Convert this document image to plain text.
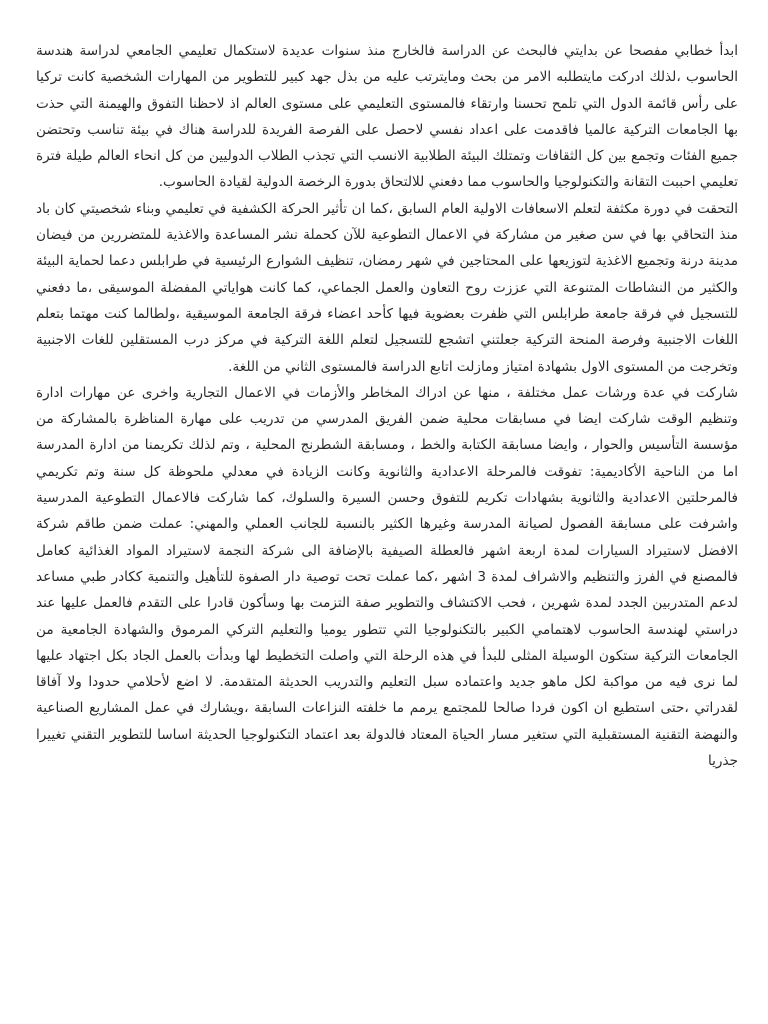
ابدأ خطابي مفصحا عن بدايتي فالبحث عن الدراسة فالخارج منذ سنوات عديدة لاستكمال تعليمي الجامعي لدراسة هندسة الحاسوب ،لذلك ادركت مايتطلبه الامر من بحث ومايترتب عليه من بذل جهد كبير للتطوير من المهارات الشخصية كانت تركيا على رأس قائمة الدول التي تلمح تحسنا وارتقاء فالمستوى التعليمي على مستوى العالم اذ لاحظنا التفوق والهيمنة التي حذت بها الجامعات التركية عالميا فاقدمت على اعداد نفسي لاحصل على الفرصة الفريدة للدراسة هناك في بيئة تناسب وتحتضن جميع الفئات وتجمع بين كل الثقافات وتمتلك البيئة الطلابية الانسب التي تجذب الطلاب الدوليين من كل انحاء العالم طيلة فترة تعليمي احببت التقانة والتكنولوجيا والحاسوب مما دفعني للالتحاق بدورة الرخصة الدولية لقيادة الحاسوب.

التحقت في دورة مكثفة لتعلم الاسعافات الاولية العام السابق ،كما ان تأثير الحركة الكشفية في تعليمي وبناء شخصيتي كان باد منذ التحاقي بها في سن صغير من مشاركة في الاعمال التطوعية للآن كحملة نشر المساعدة والاغذية للمتضررين من فيضان مدينة درنة وتجميع الاغذية لتوزيعها على المحتاجين في شهر رمضان، تنظيف الشوارع الرئيسية في طرابلس دعما لحماية البيئة والكثير من النشاطات المتنوعة التي عززت روح التعاون والعمل الجماعي، كما كانت هواياتي المفضلة الموسيقى ،ما دفعني للتسجيل في فرقة جامعة طرابلس التي ظفرت بعضوية فيها كأحد اعضاء فرقة الجامعة الموسيقية ،ولطالما كنت مهتما بتعلم اللغات الاجنبية وفرصة المنحة التركية جعلتني اتشجع للتسجيل لتعلم اللغة التركية في مركز درب المستقلين للغات الاجنبية وتخرجت من المستوى الاول بشهادة امتياز ومازلت اتابع الدراسة فالمستوى الثاني من اللغة.

شاركت في عدة ورشات عمل مختلفة ، منها عن ادراك المخاطر والأزمات في الاعمال التجارية واخرى عن مهارات ادارة وتنظيم الوقت شاركت ايضا في مسابقات محلية ضمن الفريق المدرسي من تدريب على مهارة المناظرة بالمشاركة من مؤسسة التأسيس والحوار ، وايضا مسابقة الكتابة والخط ، ومسابقة الشطرنج المحلية ، وتم لذلك تكريمنا من ادارة المدرسة اما من الناحية الأكاديمية: تفوقت فالمرحلة الاعدادية والثانوية وكانت الزيادة في معدلي ملحوظة كل سنة وتم تكريمي فالمرحلتين الاعدادية والثانوية بشهادات تكريم للتفوق وحسن السيرة والسلوك، كما شاركت فالاعمال التطوعية المدرسية واشرفت على مسابقة الفصول لصيانة المدرسة وغيرها الكثير بالنسبة للجانب العملي والمهني: عملت ضمن طاقم شركة الافضل لاستيراد السيارات لمدة اربعة اشهر فالعطلة الصيفية بالإضافة الى شركة النجمة لاستيراد المواد الغذائية كعامل فالمصنع في الفرز والتنظيم والاشراف لمدة 3 اشهر ،كما عملت تحت توصية دار الصفوة للتأهيل والتنمية ككادر طبي مساعد لدعم المتدربين الجدد لمدة شهرين ، فحب الاكتشاف والتطوير صفة التزمت بها وسأكون قادرا على التقدم فالعمل عليها عند دراستي لهندسة الحاسوب لاهتمامي الكبير بالتكنولوجيا التي تتطور يوميا والتعليم التركي المرموق والشهادة الجامعية من الجامعات التركية ستكون الوسيلة المثلى للبدأ في هذه الرحلة التي واصلت التخطيط لها وبدأت بالعمل الجاد بكل اجتهاد عليها لما نرى فيه من مواكبة لكل ماهو جديد واعتماده سبل التعليم والتدريب الحديثة المتقدمة. لا اضع لأحلامي حدودا ولا آفاقا لقدراتي ،حتى استطيع ان اكون فردا صالحا للمجتمع يرمم ما خلفته النزاعات السابقة ،ويشارك في عمل المشاريع الصناعية والنهضة التقنية المستقبلية التي ستغير مسار الحياة المعتاد فالدولة بعد اعتماد التكنولوجيا الحديثة اساسا للتطوير التقني تغييرا جذريا
